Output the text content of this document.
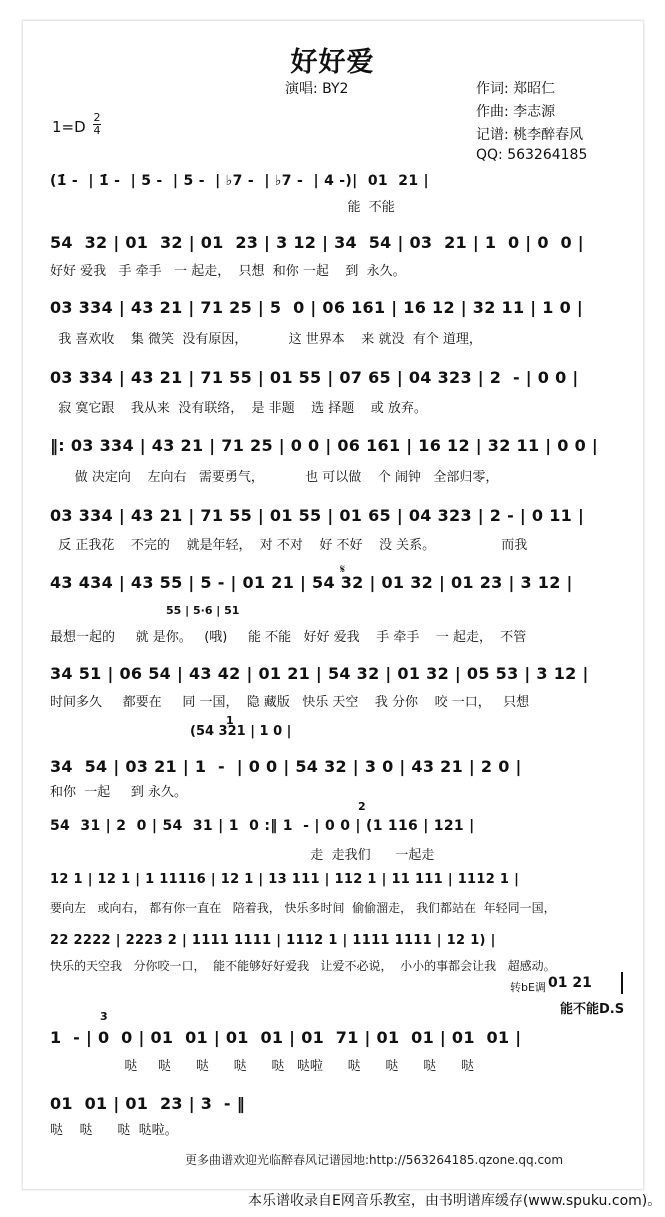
好好爱
演唱: BY2
1=D
2
4
作词: 郑昭仁
作曲: 李志源
记谱: 桃李醉春风
QQ: 563264185
(1̇ -  | 1̇ -  | 5 -  | 5 -  | ♭7 -  | ♭7 -  | 4 -)|  01  21 |
能  不能
54  32 | 01  32 | 01  23 | 3 12 | 34  54 | 03  21 | 1  0 | 0  0 |
好好 爱我   手 牵手   一 起走，  只想  和你 一起    到  永久。
03 334 | 43 21 | 71 25 | 5  0 | 06 161 | 16 12 | 32 11 | 1 0 |
我 喜欢收    集 微笑  没有原因，          这 世界本    来 就没  有个 道理，
03 334 | 43 21 | 71 55 | 01 55 | 07 65 | 04 323 | 2  - | 0 0 |
寂 寞它跟    我从来  没有联络，  是 非题    选 择题    或 放弃。
‖: 03 334 | 43 21 | 71 25 | 0 0 | 06 161 | 16 12 | 32 11 | 0 0 |
做 决定向    左向右   需要勇气，          也 可以做    个 闹钟   全部归零，
03 334 | 43 21 | 71 55 | 01 55 | 01 65 | 04 323 | 2 - | 0 11 |
反 正我花    不完的    就是年轻，  对 不对    好 不好    没 关系。                而我
𝄋
43 434 | 43 55 | 5 - | 01 21 | 54 32 | 01 32 | 01 23 | 3 12 |
55 | 5·6 | 51
最想一起的     就 是你。   (哦)     能 不能   好好 爱我    手 牵手    一 起走，  不管
34 51 | 06 54 | 43 42 | 01 21 | 54 32 | 01 32 | 05 53 | 3 12 |
时间多久     都要在     同 一国，  隐 藏版   快乐 天空    我 分你    咬 一口，   只想
1
(54 321 | 1 0 |
34  54 | 03 21 | 1  -  | 0 0 | 54 32 | 3 0 | 43 21 | 2 0 |
和你  一起     到 永久。
2
54  31 | 2  0 | 54  31 | 1  0 :‖ 1  - | 0 0 | (1 116 | 121 |
走  走我们      一起走
12 1 | 12 1 | 1 11116 | 12 1 | 13 111 | 112 1 | 11 111 | 1112 1 |
要向左   或向右， 都有你一直在   陪着我， 快乐多时间  偷偷溜走， 我们都站在  年轻同一国，
22 2222 | 2223 2 | 1111 1111 | 1112 1 | 1111 1111 | 12 1) |
快乐的天空我   分你咬一口，  能不能够好好爱我   让爱不必说，  小小的事都会让我   超感动。
转bE调 01 21
能不能D.S
3
1  - | 0  0 | 01  01 | 01  01 | 01  71 | 01  01 | 01  01 |
哒     哒      哒      哒      哒   哒啦      哒      哒      哒      哒
01  01 | 01  23 | 3  - ‖
哒    哒      哒  哒啦。
更多曲谱欢迎光临醉春风记谱园地:http://563264185.qzone.qq.com
本乐谱收录自E网音乐教室，由书明谱库缓存(www.spuku.com)。
